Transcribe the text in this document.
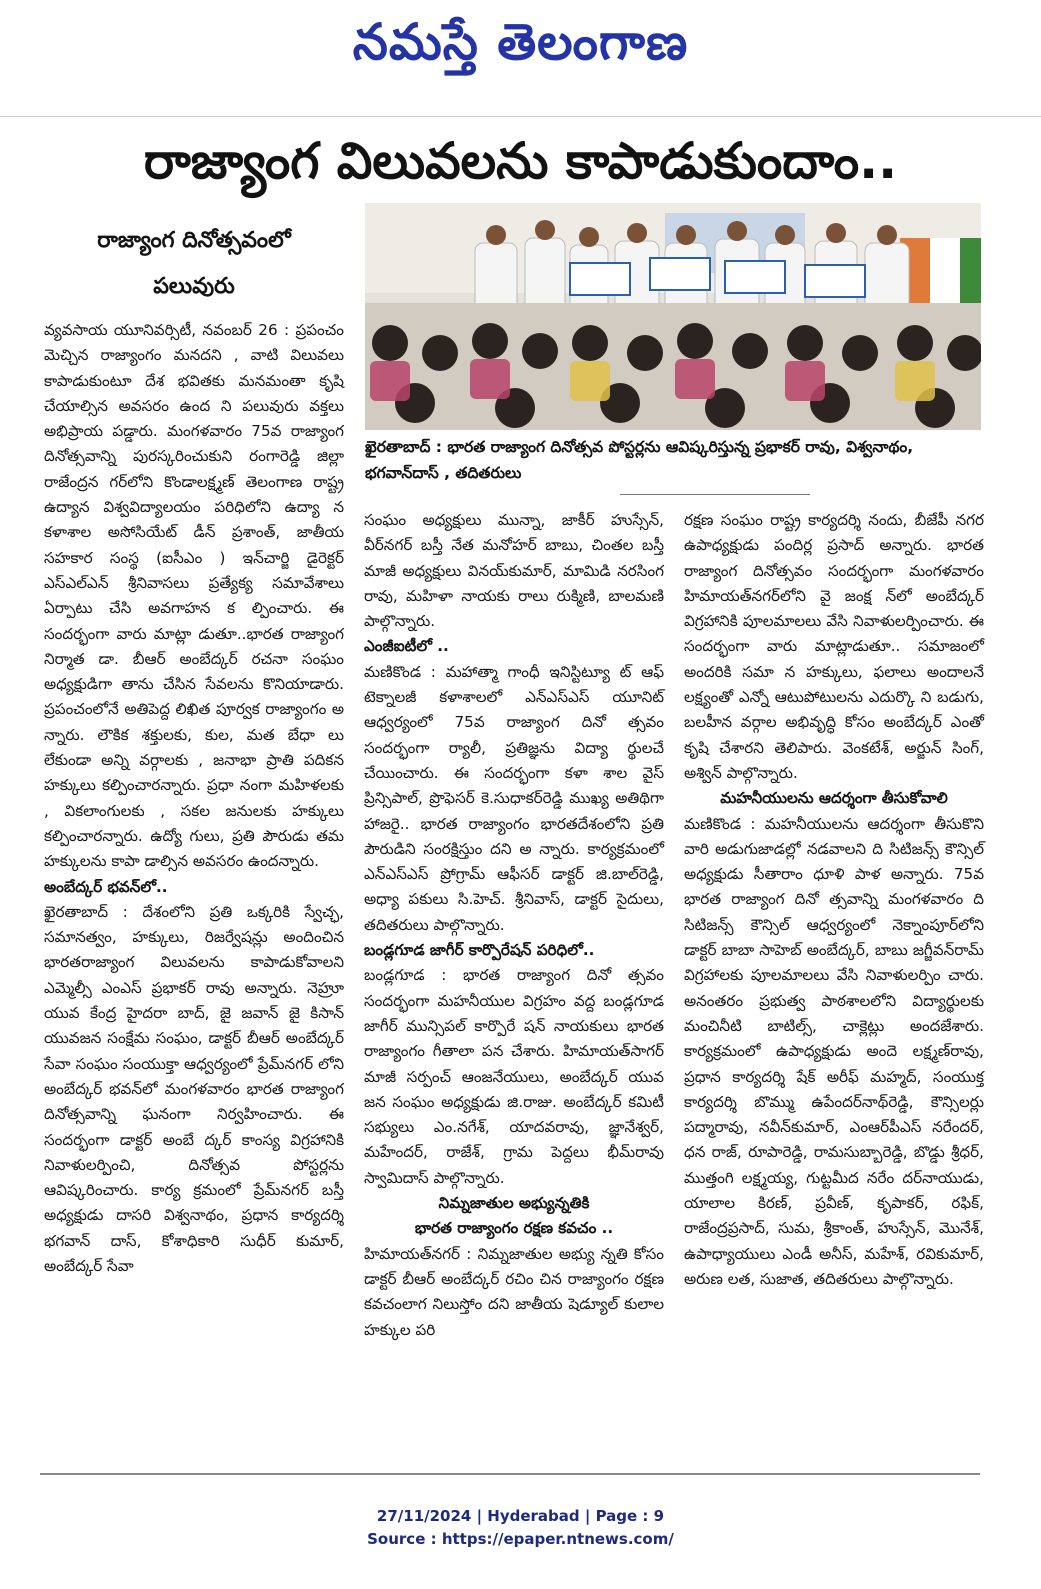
నమస్తే తెలంగాణ
రాజ్యాంగ విలువలను కాపాడుకుందాం..
రాజ్యాంగ దినోత్సవంలో
పలువురు
ఖైరతాబాద్ : భారత రాజ్యాంగ దినోత్సవ పోస్టర్లను ఆవిష్కరిస్తున్న ప్రభాకర్ రావు, విశ్వనాథం, భగవాన్‌దాస్ , తదితరులు

వ్యవసాయ యూనివర్సిటీ, నవంబర్ 26 : ప్రపంచం మెచ్చిన రాజ్యాంగం మనదని , వాటి విలువలు కాపాడుకుంటూ దేశ భవితకు మనమంతా కృషి చేయాల్సిన అవసరం ఉంద ని పలువురు వక్తలు అభిప్రాయ పడ్డారు. మంగళవారం 75వ రాజ్యాంగ దినోత్సవాన్ని పురస్కరించుకుని రంగారెడ్డి జిల్లా రాజేంద్రన గర్‌లోని కొండాలక్ష్మణ్ తెలంగాణ రాష్ట్ర ఉద్యాన విశ్వవిద్యాలయం పరిధిలోని ఉద్యా న కళాశాల అసోసియేట్ డీన్ ప్రశాంత్, జాతీయ సహకార సంస్థ (ఐసీఎం ) ఇన్‌చార్జి డైరెక్టర్ ఎస్ఎల్ఎన్ శ్రీనివాసలు ప్రత్యేక్య సమావేశాలు ఏర్పాటు చేసి అవగాహన క ల్పించారు. ఈ సందర్భంగా వారు మాట్లా డుతూ..భారత రాజ్యాంగ నిర్మాత డా. బీఆర్ అంబేద్కర్ రచనా సంఘం అధ్యక్షుడిగా తాను చేసిన సేవలను కొనియాడారు. ప్రపంచంలోనే అతిపెద్ద లిఖిత పూర్వక రాజ్యాంగం అ న్నారు. లౌకిక శక్తులకు, కుల, మత బేధా లు లేకుండా అన్ని వర్గాలకు , జనాభా ప్రాతి పదికన హక్కులు కల్పించారన్నారు. ప్రధా నంగా మహిళలకు , వికలాంగులకు , సకల జనులకు హక్కులు కల్పించారన్నారు. ఉద్యో గులు, ప్రతి పౌరుడు తమ హక్కులను కాపా డాల్సిన అవసరం ఉందన్నారు.

అంబేద్కర్ భవన్‌లో..

ఖైరతాబాద్ : దేశంలోని ప్రతి ఒక్కరికి స్వేచ్ఛ, సమానత్వం, హక్కులు, రిజర్వేషన్లు అందించిన భారతరాజ్యాంగ విలువలను కాపాడుకోవాలని ఎమ్మెల్సీ ఎంఎస్ ప్రభాకర్ రావు అన్నారు. నెహ్రూ యువ కేంద్ర హైదరా బాద్, జై జవాన్ జై కిసాన్ యువజన సంక్షేమ సంఘం, డాక్టర్ బీఆర్ అంబేద్కర్ సేవా సంఘం సంయుక్తా ఆధ్వర్యంలో ప్రేమ్‌నగర్ లోని అంబేద్కర్ భవన్‌లో మంగళవారం భారత రాజ్యాంగ దినోత్సవాన్ని ఘనంగా నిర్వహించారు. ఈ సందర్భంగా డాక్టర్ అంబే ద్కర్ కాంస్య విగ్రహానికి నివాళులర్పించి, దినోత్సవ పోస్టర్లను ఆవిష్కరించారు. కార్య క్రమంలో ప్రేమ్‌నగర్ బస్తీ అధ్యక్షుడు దాసరి విశ్వనాథం, ప్రధాన కార్యదర్శి భగవాన్ దాస్, కోశాధికారి సుధీర్ కుమార్, అంబేద్కర్ సేవా

సంఘం అధ్యక్షులు మున్నా, జాకీర్ హుస్సేన్, వీర్‌నగర్ బస్తీ నేత మనోహర్ బాబు, చింతల బస్తీ మాజీ అధ్యక్షులు వినయ్‌కుమార్, మామిడి నరసింగ రావు, మహిళా నాయకు రాలు రుక్మిణి, బాలమణి పాల్గొన్నారు.

ఎంజీఐటీలో ..

మణికొండ : మహాత్మా గాంధీ ఇనిస్టిట్యూ ట్ ఆఫ్ టెక్నాలజీ కళాశాలలో ఎన్ఎస్ఎస్ యూనిట్ ఆధ్వర్యంలో 75వ రాజ్యాంగ దినో త్సవం సందర్భంగా ర్యాలీ, ప్రతిజ్ఞను విద్యా ర్థులచే చేయించారు. ఈ సందర్భంగా కళా శాల వైస్ ప్రిన్సిపాల్, ప్రొఫెసర్ కె.సుధాకర్‌రెడ్డి ముఖ్య అతిథిగా హాజరై.. భారత రాజ్యాంగం భారతదేశంలోని ప్రతి పౌరుడిని సంరక్షిస్తుం దని అ న్నారు. కార్యక్రమంలో ఎన్ఎస్ఎస్ ప్రోగ్రామ్ ఆఫీసర్ డాక్టర్ జి.బాల్‌రెడ్డి, అధ్యా పకులు సి.హెచ్. శ్రీనివాస్, డాక్టర్ సైదులు, తదితరులు పాల్గొన్నారు.

బండ్లగూడ జాగీర్ కార్పొరేషన్ పరిధిలో..

బండ్లగూడ : భారత రాజ్యాంగ దినో త్సవం సందర్భంగా మహనీయుల విగ్రహం వద్ద బండ్లగూడ జాగీర్ మున్సిపల్ కార్పొరే షన్ నాయకులు భారత రాజ్యాంగం గీతాలా పన చేశారు. హిమాయత్‌సాగర్ మాజీ సర్పంచ్ ఆంజనేయులు, అంబేద్కర్ యువ జన సంఘం అధ్యక్షుడు జి.రాజు. అంబేద్కర్ కమిటీ సభ్యులు ఎం.నగేశ్, యాదవరావు, జ్ఞానేశ్వర్, మహేందర్, రాజేశ్, గ్రామ పెద్దలు భీమ్‌రావు స్వామిదాస్ పాల్గొన్నారు.

నిమ్నజాతుల అభ్యున్నతికి

భారత రాజ్యాంగం రక్షణ కవచం ..

హిమాయత్‌నగర్ : నిమ్నజాతుల అభ్యు న్నతి కోసం డాక్టర్ బీఆర్ అంబేద్కర్ రచిం చిన రాజ్యాంగం రక్షణ కవచంలాగ నిలుస్తోం దని జాతీయ షెడ్యూల్ కులాల హక్కుల పరి

రక్షణ సంఘం రాష్ట్ర కార్యదర్శి నందు, బీజేపీ నగర ఉపాధ్యక్షుడు పందిర్ల ప్రసాద్ అన్నారు. భారత రాజ్యాంగ దినోత్సవం సందర్భంగా మంగళవారం హిమాయత్‌నగర్‌లోని వై జంక్ష న్‌లో అంబేద్కర్ విగ్రహానికి పూలమాలలు వేసి నివాళులర్పించారు. ఈ సందర్భంగా వారు మాట్లాడుతూ.. సమాజంలో అందరికి సమా న హక్కులు, ఫలాలు అందాలనే లక్ష్యంతో ఎన్నో ఆటుపోటులను ఎదుర్కొ ని బడుగు, బలహీన వర్గాల అభివృద్ధి కోసం అంబేద్కర్ ఎంతో కృషి చేశారని తెలిపారు. వెంకటేశ్, అర్జున్ సింగ్, అశ్విన్ పాల్గొన్నారు.

మహనీయులను ఆదర్శంగా తీసుకోవాలి

మణికొండ : మహనీయులను ఆదర్శంగా తీసుకొని వారి అడుగుజాడల్లో నడవాలని ది సిటిజన్స్ కౌన్సిల్ అధ్యక్షుడు సీతారాం ధూళి పాళ అన్నారు. 75వ భారత రాజ్యాంగ దినో త్సవాన్ని మంగళవారం ది సిటిజన్స్ కౌన్సిల్ ఆధ్వర్యంలో నెక్నాంపూర్‌లోని డాక్టర్ బాబా సాహెబ్ అంబేద్కర్, బాబు జగ్జీవన్‌రామ్ విగ్రహాలకు పూలమాలలు వేసి నివాళులర్పిం చారు. అనంతరం ప్రభుత్వ పాఠశాలలోని విద్యార్థులకు మంచినీటి బాటిల్స్, చాక్లెట్లు అందజేశారు. కార్యక్రమంలో ఉపాధ్యక్షుడు అందె లక్ష్మణ్‌రావు, ప్రధాన కార్యదర్శి షేక్ అరీఫ్ మహ్మద్, సంయుక్త కార్యదర్శి బొమ్ము ఉపేందర్‌నాథ్‌రెడ్డి, కౌన్సిలర్లు పద్మారావు, నవీన్‌కుమార్, ఎంఆర్‌పీఎస్ నరేందర్, ధన రాజ్, రూపారెడ్డి, రామసుబ్బారెడ్డి, బొడ్డు శ్రీధర్, ముత్తంగి లక్ష్మయ్య, గుట్టమీద నరేం దర్‌నాయుడు, యాలాల కిరణ్, ప్రవీణ్, కృపాకర్, రఫిక్, రాజేంద్రప్రసాద్, సుమ, శ్రీకాంత్, హుస్సేన్, మొనేశ్, ఉపాధ్యాయులు ఎండీ అనీస్, మహేశ్, రవికుమార్, అరుణ లత, సుజాత, తదితరులు పాల్గొన్నారు.

27/11/2024 | Hyderabad | Page : 9
Source : https://epaper.ntnews.com/
